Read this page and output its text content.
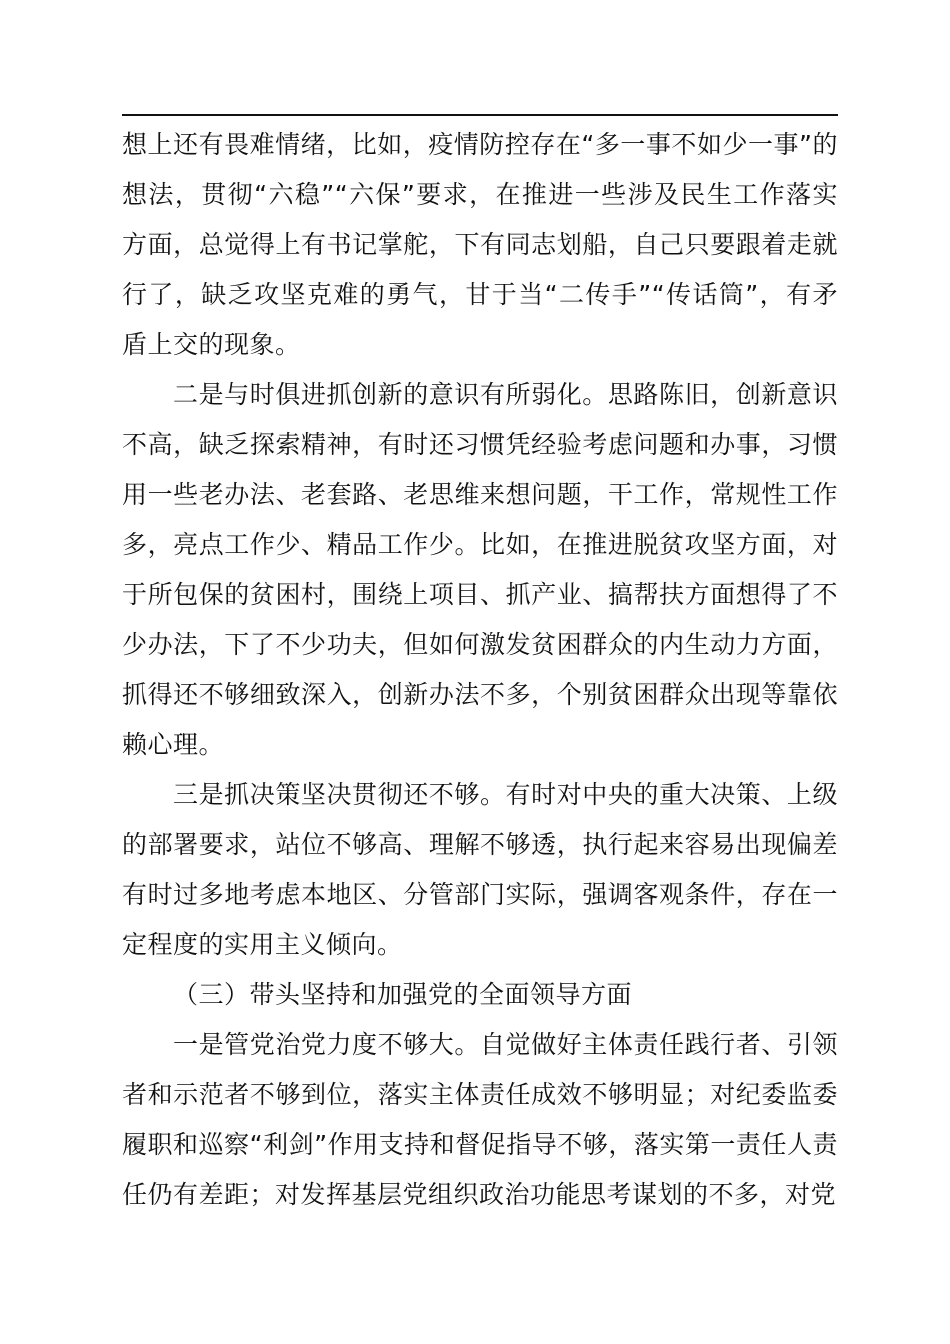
想上还有畏难情绪，比如，疫情防控存在“多一事不如少一事”的想法，贯彻“六稳”“六保”要求，在推进一些涉及民生工作落实方面，总觉得上有书记掌舵，下有同志划船，自己只要跟着走就行了，缺乏攻坚克难的勇气，甘于当“二传手”“传话筒”，有矛盾上交的现象。

二是与时俱进抓创新的意识有所弱化。思路陈旧，创新意识不高，缺乏探索精神，有时还习惯凭经验考虑问题和办事，习惯用一些老办法、老套路、老思维来想问题，干工作，常规性工作多，亮点工作少、精品工作少。比如，在推进脱贫攻坚方面，对于所包保的贫困村，围绕上项目、抓产业、搞帮扶方面想得了不少办法，下了不少功夫，但如何激发贫困群众的内生动力方面，抓得还不够细致深入，创新办法不多，个别贫困群众出现等靠依赖心理。

三是抓决策坚决贯彻还不够。有时对中央的重大决策、上级的部署要求，站位不够高、理解不够透，执行起来容易出现偏差有时过多地考虑本地区、分管部门实际，强调客观条件，存在一定程度的实用主义倾向。

（三）带头坚持和加强党的全面领导方面

一是管党治党力度不够大。自觉做好主体责任践行者、引领者和示范者不够到位，落实主体责任成效不够明显；对纪委监委履职和巡察“利剑”作用支持和督促指导不够，落实第一责任人责任仍有差距；对发挥基层党组织政治功能思考谋划的不多，对党
